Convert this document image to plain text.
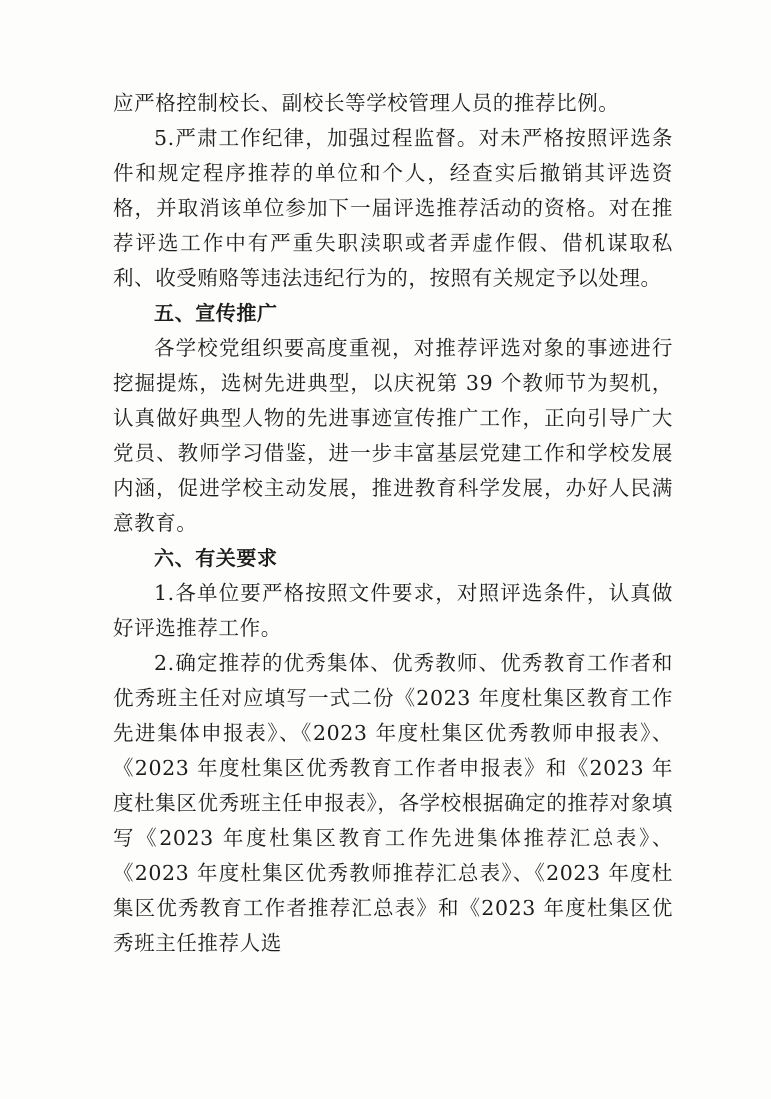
应严格控制校长、副校长等学校管理人员的推荐比例。

5.严肃工作纪律，加强过程监督。对未严格按照评选条件和规定程序推荐的单位和个人，经查实后撤销其评选资格，并取消该单位参加下一届评选推荐活动的资格。对在推荐评选工作中有严重失职渎职或者弄虚作假、借机谋取私利、收受贿赂等违法违纪行为的，按照有关规定予以处理。

五、宣传推广

各学校党组织要高度重视，对推荐评选对象的事迹进行挖掘提炼，选树先进典型，以庆祝第 39 个教师节为契机，认真做好典型人物的先进事迹宣传推广工作，正向引导广大党员、教师学习借鉴，进一步丰富基层党建工作和学校发展内涵，促进学校主动发展，推进教育科学发展，办好人民满意教育。

六、有关要求

1.各单位要严格按照文件要求，对照评选条件，认真做好评选推荐工作。

2.确定推荐的优秀集体、优秀教师、优秀教育工作者和优秀班主任对应填写一式二份《2023 年度杜集区教育工作先进集体申报表》、《2023 年度杜集区优秀教师申报表》、《2023 年度杜集区优秀教育工作者申报表》和《2023 年度杜集区优秀班主任申报表》，各学校根据确定的推荐对象填写《2023 年度杜集区教育工作先进集体推荐汇总表》、《2023 年度杜集区优秀教师推荐汇总表》、《2023 年度杜集区优秀教育工作者推荐汇总表》和《2023 年度杜集区优秀班主任推荐人选
